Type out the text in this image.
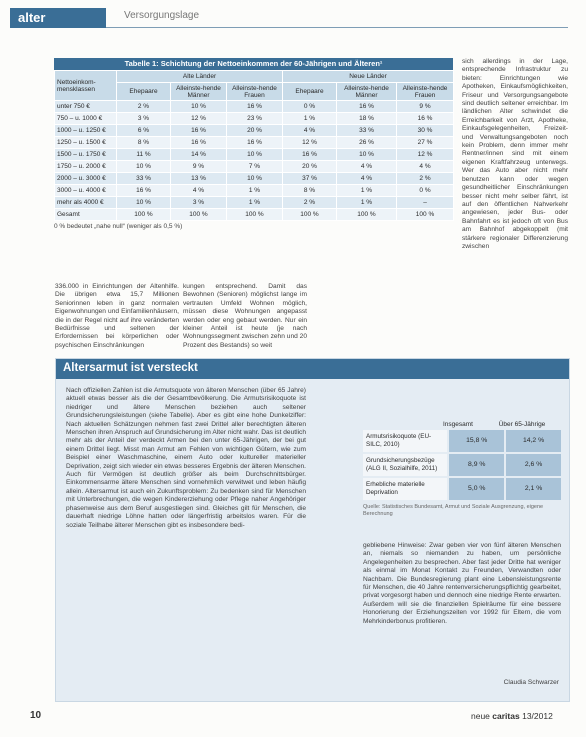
alter	Versorgungslage
Tabelle 1: Schichtung der Nettoeinkommen der 60-Jährigen und Älteren¹
Nettoeinkom-mensklassen	Alte Länder			Neue Länder		
	Ehepaare	Alleinste-hende Männer	Alleinste-hende Frauen	Ehepaare	Alleinste-hende Männer	Alleinste-hende Frauen
unter 750 €	2 %	10 %	16 %	0 %	16 %	9 %
750 – u. 1000 €	3 %	12 %	23 %	1 %	18 %	16 %
1000 – u. 1250 €	6 %	16 %	20 %	4 %	33 %	30 %
1250 – u. 1500 €	8 %	16 %	16 %	12 %	26 %	27 %
1500 – u. 1750 €	11 %	14 %	10 %	16 %	10 %	12 %
1750 – u. 2000 €	10 %	9 %	7 %	20 %	4 %	4 %
2000 – u. 3000 €	33 %	13 %	10 %	37 %	4 %	2 %
3000 – u. 4000 €	16 %	4 %	1 %	8 %	1 %	0 %
mehr als 4000 €	10 %	3 %	1 %	2 %	1 %	–
Gesamt	100 %	100 %	100 %	100 %	100 %	100 %
0 % bedeutet „nahe null“ (weniger als 0,5 %)

sich allerdings in der Lage, entsprechende Infrastruktur zu bieten: Einrichtungen wie Apotheken, Einkaufsmöglichkeiten, Friseur und Versorgungsangebote sind deutlich seltener erreichbar. Im ländlichen Alter schwindet die Erreichbarkeit von Arzt, Apotheke, Einkaufsgelegenheiten, Freizeit- und Verwaltungsangeboten noch kein Problem, denn immer mehr Rentner/innen sind mit einem eigenen Kraftfahrzeug unterwegs. Wer das Auto aber nicht mehr benutzen kann oder wegen gesundheitlicher Einschränkungen besser nicht mehr selber fährt, ist auf den öffentlichen Nahverkehr angewiesen, jeder Bus- oder Bahnfahrt es ist jedoch oft von Bus am Bahnhof abgekoppelt (mit stärkere regionaler Differenzierung zwischen

336.000 in Einrichtungen der Altenhilfe. Die übrigen etwa 15,7 Millionen Seniorinnen leben in ganz normalen Eigenwohnungen und Einfamilienhäusern, die in der Regel nicht auf ihre veränderten Bedürfnisse und seltenen der Erfordernissen bei körperlichen oder psychischen Einschränkungen

kungen entsprechend. Damit das Bewohnen (Senioren) möglichst lange im vertrauten Umfeld Wohnen möglich, müssen diese Wohnungen angepasst werden oder eng gebaut werden. Nur ein kleiner Anteil ist heute (je nach Wohnungssegment zwischen zehn und 20 Prozent des Bestands) so weit

Altersarmut ist versteckt

Nach offiziellen Zahlen ist die Armutsquote von älteren Menschen (über 65 Jahre) aktuell etwas besser als die der Gesamtbevölkerung. Die Armutsrisikoquote ist niedriger und ältere Menschen beziehen auch seltener Grundsicherungsleistungen (siehe Tabelle). Aber es gibt eine hohe Dunkelziffer: Nach aktuellen Schätzungen nehmen fast zwei Drittel aller berechtigten älteren Menschen ihren Anspruch auf Grundsicherung im Alter nicht wahr. Das ist deutlich mehr als der Anteil der verdeckt Armen bei den unter 65-Jährigen, der bei gut einem Drittel liegt. Misst man Armut am Fehlen von wichtigen Gütern, wie zum Beispiel einer Waschmaschine, einem Auto oder kultureller materieller Deprivation, zeigt sich wieder ein etwas besseres Ergebnis der älteren Menschen. Auch für Vermögen ist deutlich größer als beim Durchschnittsbürger. Einkommensarme ältere Menschen sind vornehmlich verwitwet und leben häufig allein. Altersarmut ist auch ein Zukunftsproblem: Zu bedenken sind für Menschen mit Unterbrechungen, die wegen Kindererziehung oder Pflege naher Angehöriger phasenweise aus dem Beruf ausgestiegen sind. Gleiches gilt für Menschen, die dauerhaft niedrige Löhne hatten oder längerfristig arbeitslos waren. Für die soziale Teilhabe älterer Menschen gibt es insbesondere bedi-

Insgesamt	Über 65-Jährige
Armutsrisikoquote (EU-SILC, 2010)
15,8 %	14,2 %
Grundsicherungsbezüge (ALG II, Sozialhilfe, 2011)
8,9 %	2,6 %
Erhebliche materielle Deprivation
5,0 %	2,1 %
Quelle: Statistisches Bundesamt, Armut und Soziale Ausgrenzung, eigene Berechnung

gebliebene Hinweise: Zwar geben vier von fünf älteren Menschen an, niemals so niemanden zu haben, um persönliche Angelegenheiten zu besprechen. Aber fast jeder Dritte hat weniger als einmal im Monat Kontakt zu Freunden, Verwandten oder Nachbarn. Die Bundesregierung plant eine Lebensleistungsrente für Menschen, die 40 Jahre rentenversicherungspflichtig gearbeitet, privat vorgesorgt haben und dennoch eine niedrige Rente erwarten. Außerdem will sie die finanziellen Spielräume für eine bessere Honorierung der Erziehungszeiten vor 1992 für Eltern, die vom Mehrkinderbonus profitieren.

Claudia Schwarzer
10	neue caritas 13/2012
